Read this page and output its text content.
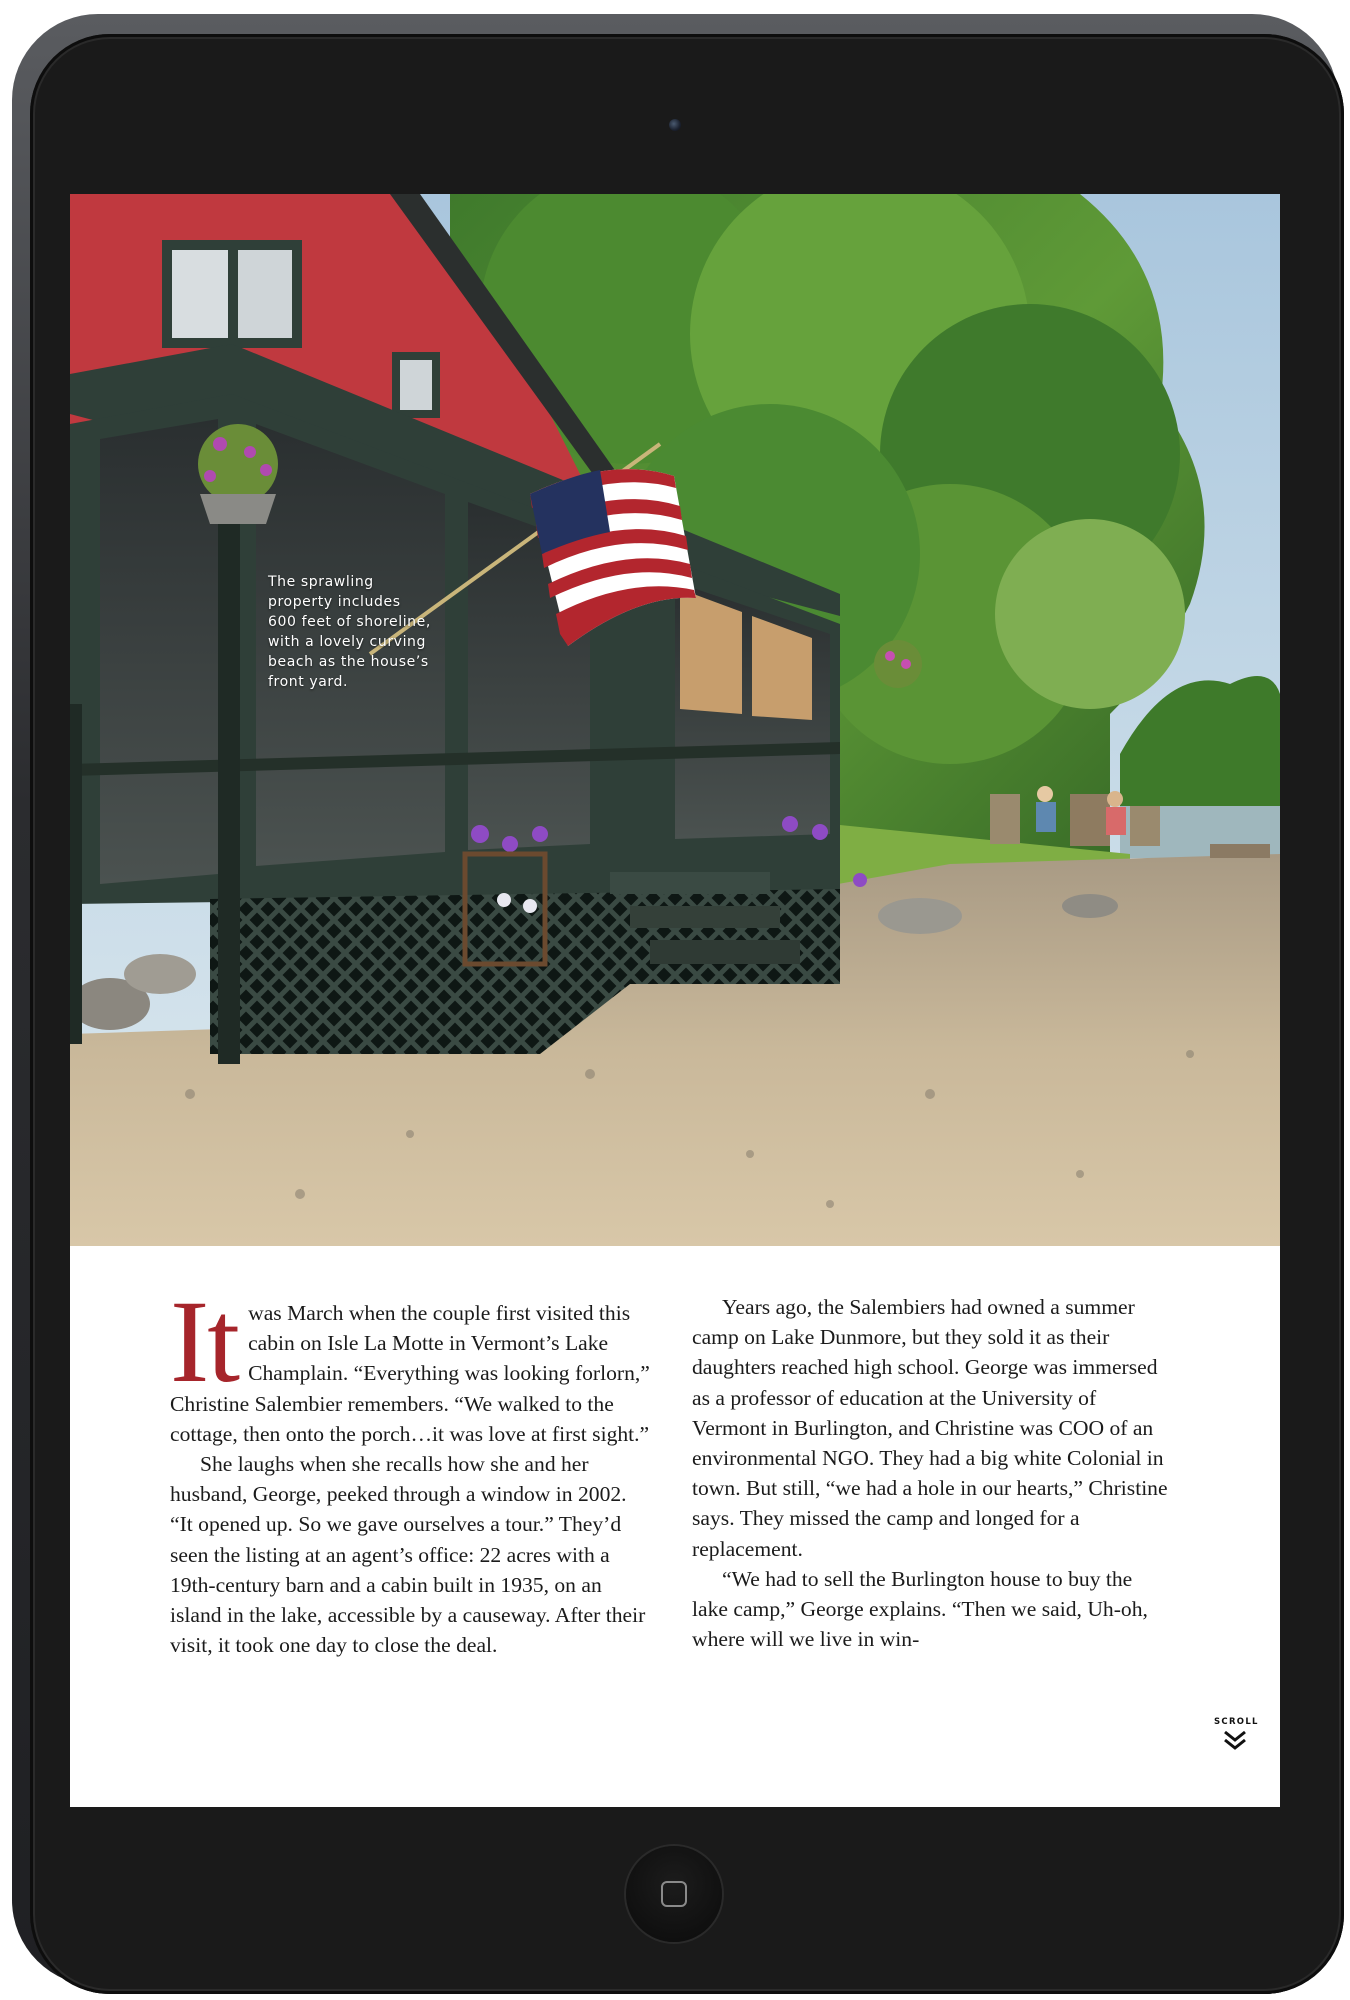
The sprawling
property includes
600 feet of shoreline,
with a lovely curving
beach as the house’s
front yard.

It was March when the couple first visited this cabin on Isle La Motte in Vermont’s Lake Champlain. “Everything was looking forlorn,” Christine Salembier remembers. “We walked to the cottage, then onto the porch…it was love at first sight.”

She laughs when she recalls how she and her husband, George, peeked through a window in 2002. “It opened up. So we gave ourselves a tour.” They’d seen the listing at an agent’s office: 22 acres with a 19th-century barn and a cabin built in 1935, on an island in the lake, accessible by a causeway. After their visit, it took one day to close the deal.

Years ago, the Salembiers had owned a summer camp on Lake Dunmore, but they sold it as their daughters reached high school. George was immersed as a professor of education at the University of Vermont in Burlington, and Christine was COO of an environmental NGO. They had a big white Colonial in town. But still, “we had a hole in our hearts,” Christine says. They missed the camp and longed for a replacement.

“We had to sell the Burlington house to buy the lake camp,” George explains. “Then we said, Uh-oh, where will we live in win-

SCROLL
